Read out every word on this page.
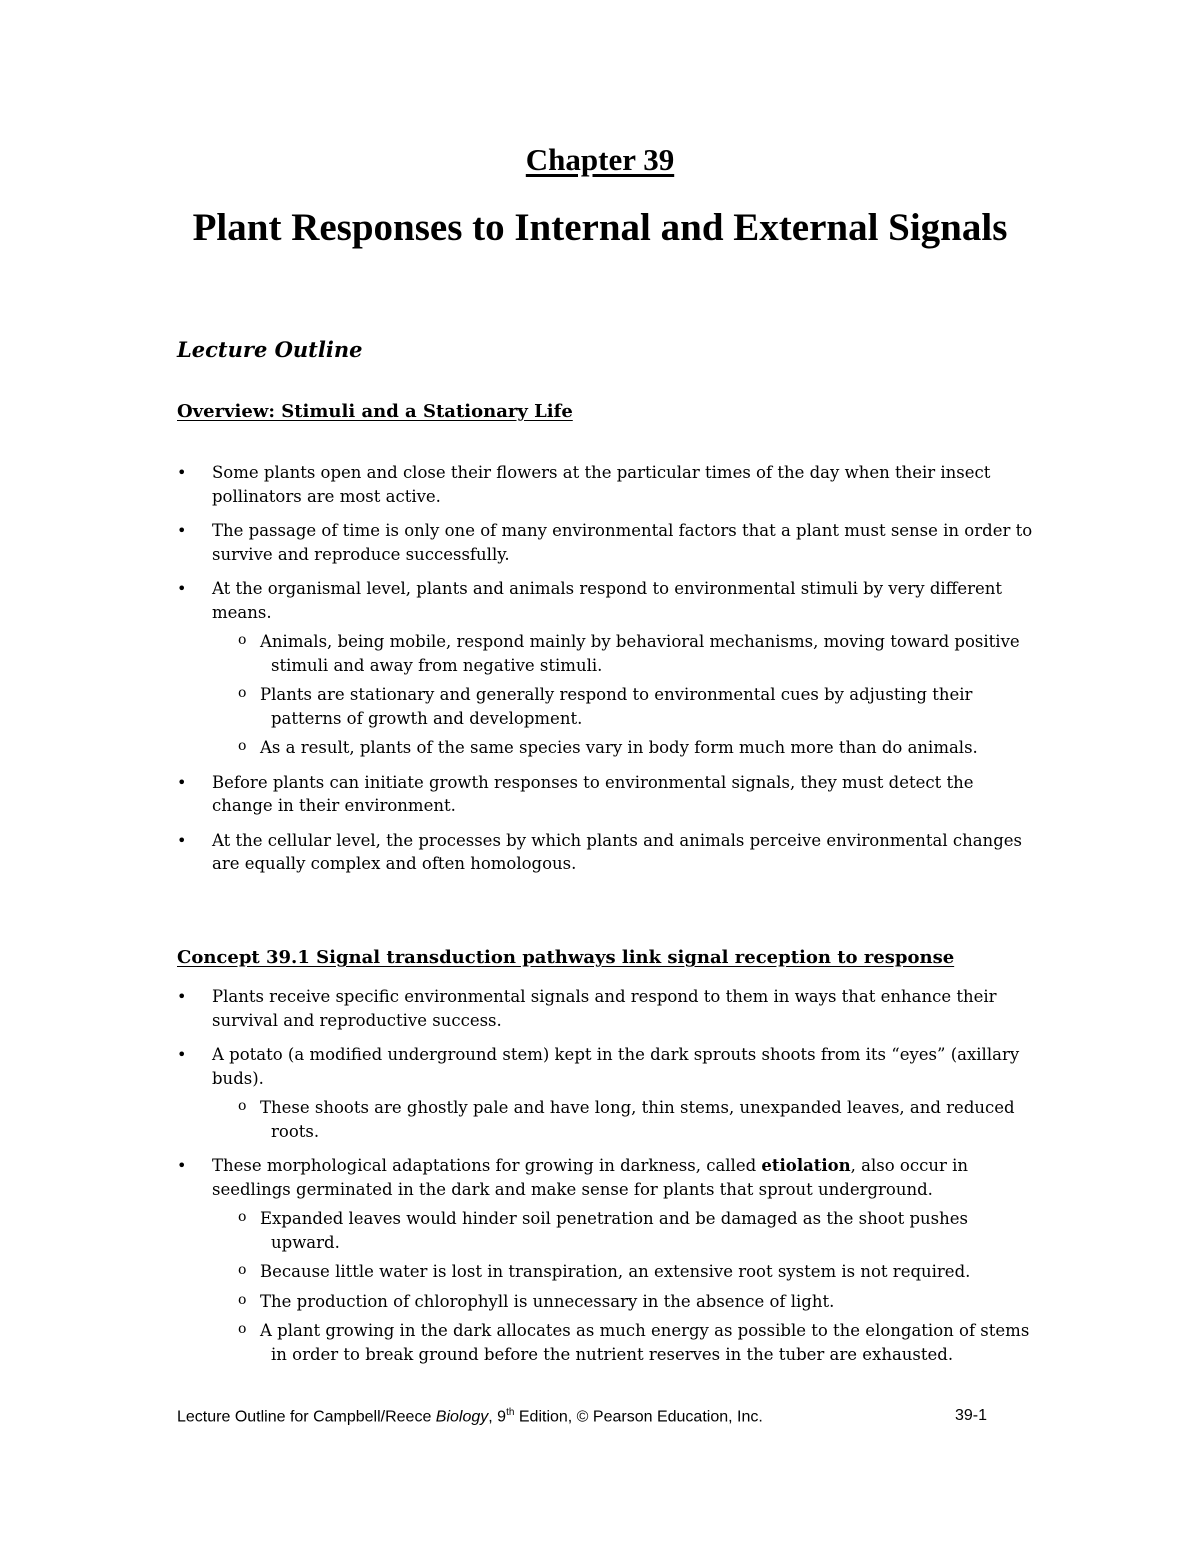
Chapter 39
Plant Responses to Internal and External Signals
Lecture Outline
Overview: Stimuli and a Stationary Life
• Some plants open and close their flowers at the particular times of the day when their insect pollinators are most active.
• The passage of time is only one of many environmental factors that a plant must sense in order to survive and reproduce successfully.
• At the organismal level, plants and animals respond to environmental stimuli by very different means.
o Animals, being mobile, respond mainly by behavioral mechanisms, moving toward positive stimuli and away from negative stimuli.
o Plants are stationary and generally respond to environmental cues by adjusting their patterns of growth and development.
o As a result, plants of the same species vary in body form much more than do animals.
• Before plants can initiate growth responses to environmental signals, they must detect the change in their environment.
• At the cellular level, the processes by which plants and animals perceive environmental changes are equally complex and often homologous.
Concept 39.1 Signal transduction pathways link signal reception to response
• Plants receive specific environmental signals and respond to them in ways that enhance their survival and reproductive success.
• A potato (a modified underground stem) kept in the dark sprouts shoots from its “eyes” (axillary buds).
o These shoots are ghostly pale and have long, thin stems, unexpanded leaves, and reduced roots.
• These morphological adaptations for growing in darkness, called etiolation, also occur in seedlings germinated in the dark and make sense for plants that sprout underground.
o Expanded leaves would hinder soil penetration and be damaged as the shoot pushes upward.
o Because little water is lost in transpiration, an extensive root system is not required.
o The production of chlorophyll is unnecessary in the absence of light.
o A plant growing in the dark allocates as much energy as possible to the elongation of stems in order to break ground before the nutrient reserves in the tuber are exhausted.
Lecture Outline for Campbell/Reece Biology, 9th Edition, © Pearson Education, Inc.	39-1
